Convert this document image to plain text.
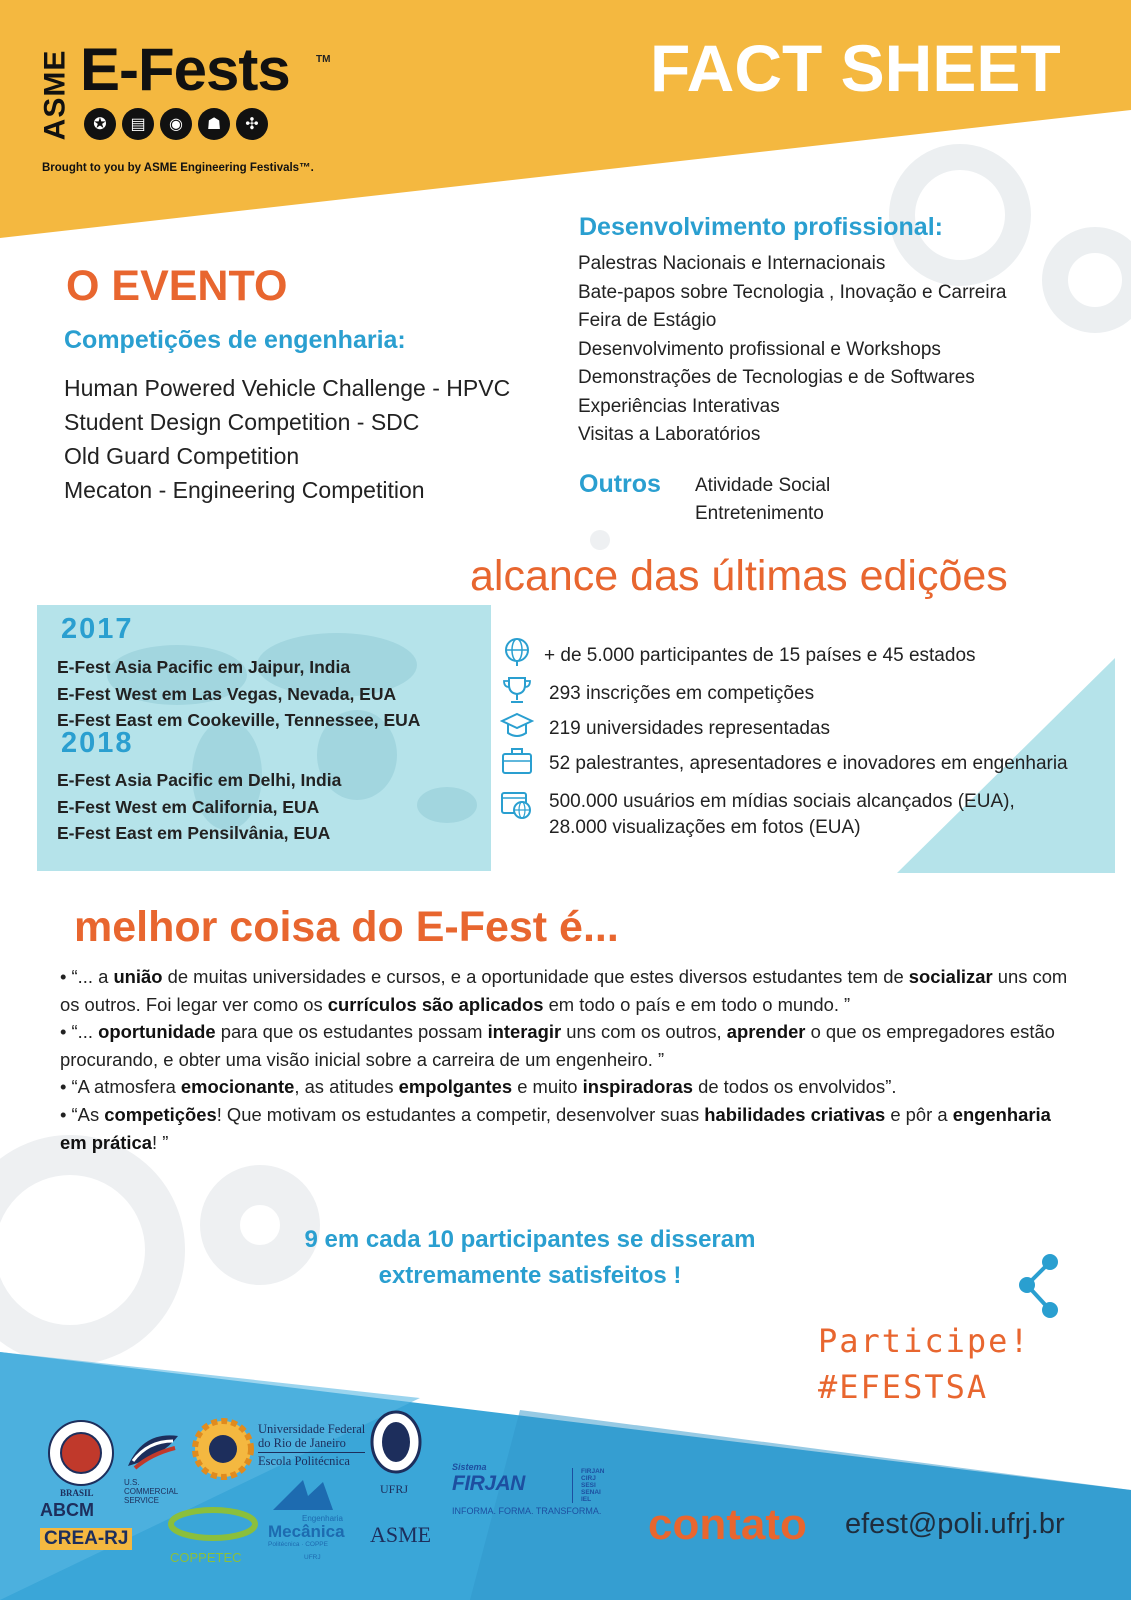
ASME E-Fests	TM
✪	▤	◉	☗	✣
Brought to you by ASME Engineering Festivals™.
FACT SHEET
O EVENTO
Competições de engenharia:
Human Powered Vehicle Challenge - HPVC
Student Design Competition - SDC
Old Guard Competition
Mecaton - Engineering Competition
Desenvolvimento profissional:
Palestras Nacionais e Internacionais
Bate-papos sobre Tecnologia , Inovação e Carreira
Feira de Estágio
Desenvolvimento profissional e Workshops
Demonstrações de Tecnologias e de Softwares
Experiências Interativas
Visitas a Laboratórios
Outros Atividade Social
Entretenimento
alcance das últimas edições
2017
E-Fest Asia Pacific em Jaipur, India
E-Fest West em Las Vegas, Nevada, EUA
E-Fest East em Cookeville, Tennessee, EUA
2018
E-Fest Asia Pacific em Delhi, India
E-Fest West em California, EUA
E-Fest East em Pensilvânia, EUA
+ de 5.000 participantes de 15 países e 45 estados
293 inscrições em competições
219 universidades representadas
52 palestrantes, apresentadores e inovadores em engenharia
500.000 usuários em mídias sociais alcançados (EUA),
28.000 visualizações em fotos (EUA)
melhor coisa do E-Fest é...

• “... a união de muitas universidades e cursos, e a oportunidade que estes diversos estudantes tem de socializar uns com os outros. Foi legar ver como os currículos são aplicados em todo o país e em todo o mundo. ”

• “... oportunidade para que os estudantes possam interagir uns com os outros, aprender o que os empregadores estão procurando, e obter uma visão inicial sobre a carreira de um engenheiro. ”

• “A atmosfera emocionante, as atitudes empolgantes e muito inspiradoras de todos os envolvidos”.

• “As competições! Que motivam os estudantes a competir, desenvolver suas habilidades criativas e pôr a engenharia em prática! ”

9 em cada 10 participantes se disseram
extremamente satisfeitos !
Participe!
#EFESTSA
BRASIL
U.S.
COMMERCIAL
SERVICE
Universidade Federal
do Rio de Janeiro
Escola Politécnica
UFRJ
ABCM
CREA-RJ
COPPETEC
Engenharia
Mecânica
Politécnica · COPPE
UFRJ
ASME
Sistema
FIRJAN
INFORMA. FORMA. TRANSFORMA.
FIRJAN
CIRJ
SESI
SENAI
IEL
contato efest@poli.ufrj.br
